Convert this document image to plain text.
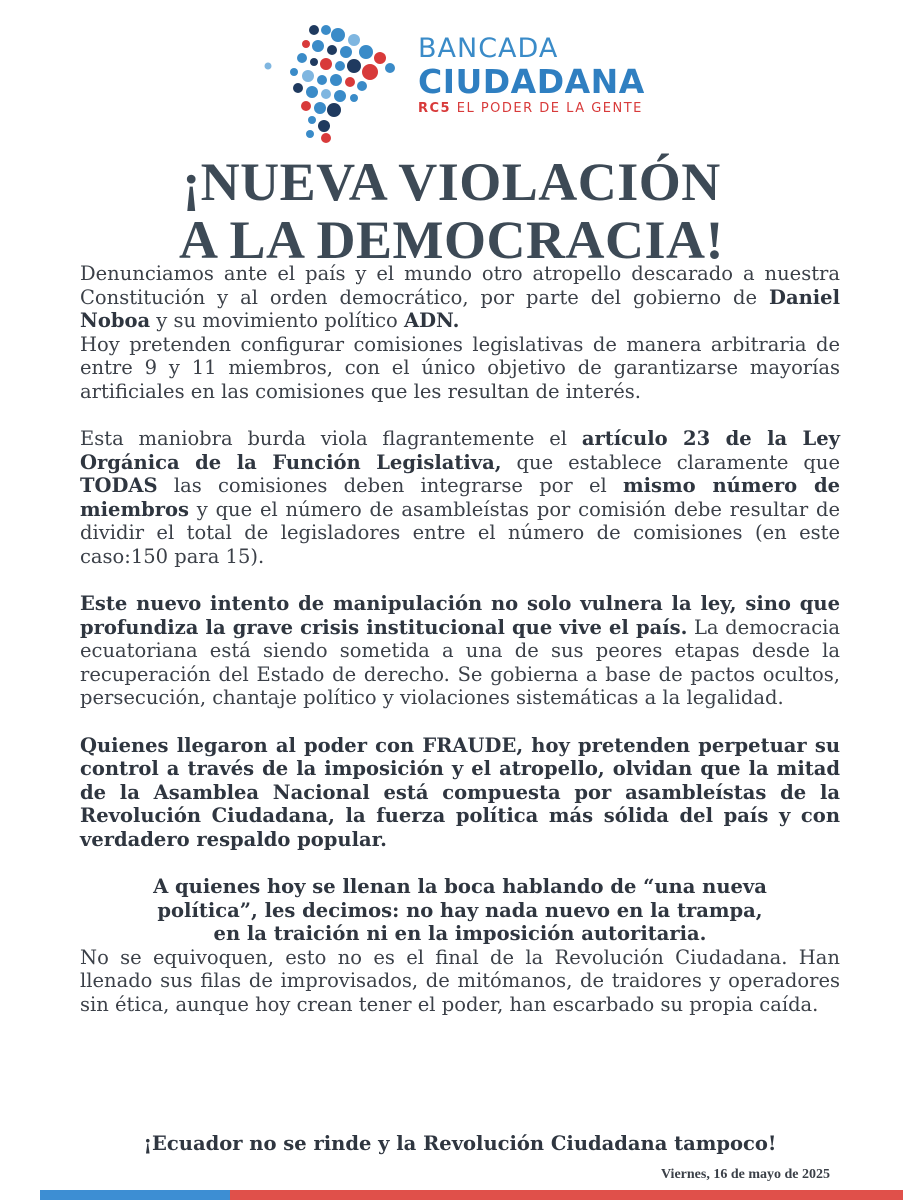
BANCADA
CIUDADANA
RC5 EL PODER DE LA GENTE
¡NUEVA VIOLACIÓN
A LA DEMOCRACIA!

Denunciamos ante el país y el mundo otro atropello descarado a nuestra Constitución y al orden democrático, por parte del gobierno de Daniel Noboa y su movimiento político ADN.

Hoy pretenden configurar comisiones legislativas de manera arbitraria de entre 9 y 11 miembros, con el único objetivo de garantizarse mayorías artificiales en las comisiones que les resultan de interés.

Esta maniobra burda viola flagrantemente el artículo 23 de la Ley Orgánica de la Función Legislativa, que establece claramente que TODAS las comisiones deben integrarse por el mismo número de miembros y que el número de asambleístas por comisión debe resultar de dividir el total de legisladores entre el número de comisiones (en este caso:150 para 15).

Este nuevo intento de manipulación no solo vulnera la ley, sino que profundiza la grave crisis institucional que vive el país. La democracia ecuatoriana está siendo sometida a una de sus peores etapas desde la recuperación del Estado de derecho. Se gobierna a base de pactos ocultos, persecución, chantaje político y violaciones sistemáticas a la legalidad.

Quienes llegaron al poder con FRAUDE, hoy pretenden perpetuar su control a través de la imposición y el atropello, olvidan que la mitad de la Asamblea Nacional está compuesta por asambleístas de la Revolución Ciudadana, la fuerza política más sólida del país y con verdadero respaldo popular.

A quienes hoy se llenan la boca hablando de “una nueva
política”, les decimos: no hay nada nuevo en la trampa,
en la traición ni en la imposición autoritaria.

No se equivoquen, esto no es el final de la Revolución Ciudadana. Han llenado sus filas de improvisados, de mitómanos, de traidores y operadores sin ética, aunque hoy crean tener el poder, han escarbado su propia caída.

¡Ecuador no se rinde y la Revolución Ciudadana tampoco!
Viernes, 16 de mayo de 2025
